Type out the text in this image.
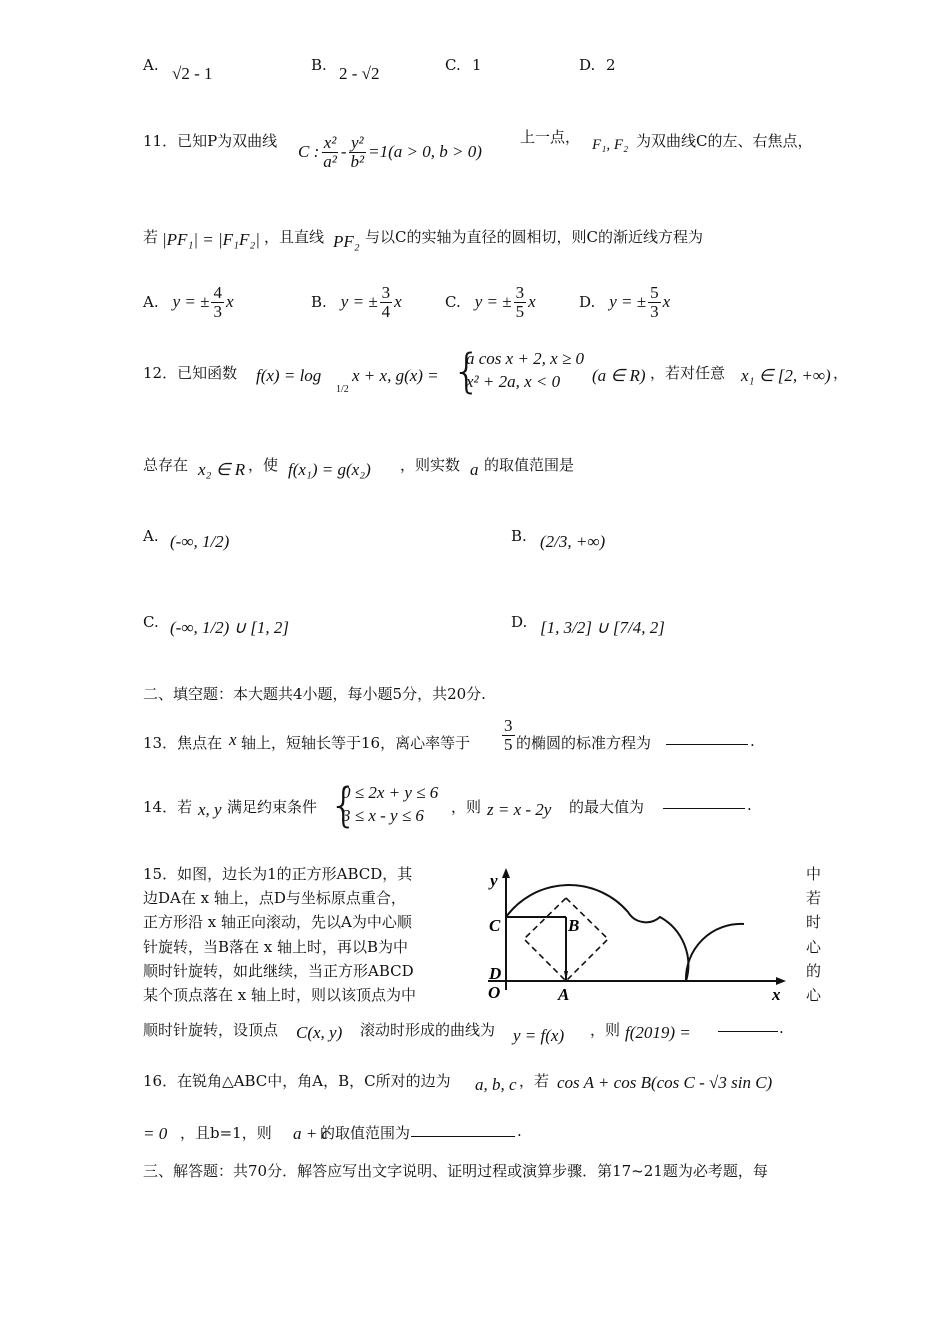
A. √2 - 1	B. 2 - √2	C. 1	D. 2
11．已知P为双曲线
C : $\frac{\text{x²}}{\text{a²}} - \frac{\text{y²}}{\text{b²}} =1(a > 0$, b > 0)
上一点， F₁, F₂ 为双曲线C的左、右焦点，
若 |PF₁| = |F₁F₂| ，且直线 PF₂ 与以C的实轴为直径的圆相切，则C的渐近线方程为
A. y = ± $\frac{4}{3}$ x	B. y = ± $\frac{3}{4}$ x	C. y = ± $\frac{3}{5}$ x	D. y = ± $\frac{5}{3}$ x
12．已知函数 f(x) = log
1/2
x + x, g(x) = {
a cos x + 2, x ≥ 0
x² + 2a, x < 0	(a ∈ R) ，若对任意 x₁ ∈ [2, +∞) ，
总存在 x₂ ∈ R ，使 f(x₁) = g(x₂) ，则实数 a 的取值范围是
A. (-∞, 1/2)	B. (2/3, +∞)
C. (-∞, 1/2) ∪ [1, 2]	D. [1, 3/2] ∪ [7/4, 2]
二、填空题：本大题共4小题，每小题5分，共20分.
13．焦点在 x 轴上，短轴长等于16，离心率等于 $\frac{3}{5}$ 的椭圆的标准方程为	.
14．若 x, y 满足约束条件 {
0 ≤ 2x + y ≤ 6
3 ≤ x - y ≤ 6	，则 z = x - 2y 的最大值为	.
15．如图，边长为1的正方形ABCD，其
边DA在 x 轴上，点D与坐标原点重合，
正方形沿 x 轴正向滚动，先以A为中心顺
针旋转，当B落在 x 轴上时，再以B为中
顺时针旋转，如此继续，当正方形ABCD
某个顶点落在 x 轴上时，则以该顶点为中
中
若
时
心
的
心
y
x
C	B
D
O	A
顺时针旋转，设顶点 C(x, y) 滚动时形成的曲线为 y = f(x) ，则 f(2019) =	.
16．在锐角△ABC中，角A，B，C所对的边为 a, b, c ，若 cos A + cos B(cos C - √3 sin C)
= 0 ，且b=1，则 a + c
的取值范围为	.
三、解答题：共70分．解答应写出文字说明、证明过程或演算步骤．第17~21题为必考题，每
